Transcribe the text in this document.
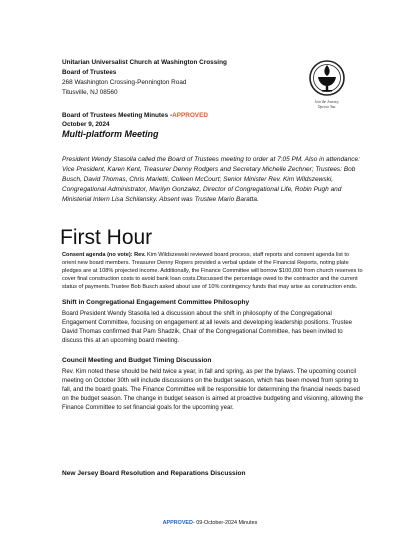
Unitarian Universalist Church at Washington Crossing
Board of Trustees
268 Washington Crossing-Pennington Road
Titusville, NJ 08560
Join the Journey.
Open to You.
Board of Trustees Meeting Minutes -APPROVED
October 9, 2024
Multi-platform Meeting
President Wendy Stasolla called the Board of Trustees meeting to order at 7:05 PM. Also in attendance: Vice President, Karen Kent, Treasurer Denny Rodgers and Secretary Michelle Zechner; Trustees: Bob Busch, David Thomas, Chris Marietti, Colleen McCourt; Senior Minister Rev. Kim Wildszewski, Congregational Administrator, Marilyn Gonzalez, Director of Congregational Life, Robin Pugh and Ministerial Intern Lisa Schilansky. Absent was Trustee Mario Baratta.
First Hour
Consent agenda (no vote): Rev. Kim Wildszewski reviewed board process, staff reports and consent agenda list to orient new board members. Treasurer Denny Ropers provided a verbal update of the Financial Reports, noting plate pledges are at 108% projected income. Additionally, the Finance Committee will borrow $100,000 from church reserves to cover final construction costs to avoid bank loan costs.Discussed the percentage owed to the contractor and the current status of payments.Trustee Bob Busch asked about use of 10% contingency funds that may arise as construction ends.
Shift in Congregational Engagement Committee Philosophy
Board President Wendy Stasolla led a discussion about the shift in philosophy of the Congregational Engagement Committee, focusing on engagement at all levels and developing leadership positions. Trustee David Thomas confirmed that Pam Shadzik, Chair of the Congregational Committee, has been invited to discuss this at an upcoming board meeting.
Council Meeting and Budget Timing Discussion
Rev. Kim noted these should be held twice a year, in fall and spring, as per the bylaws. The upcoming council meeting on October 30th will include discussions on the budget season, which has been moved from spring to fall, and the board goals. The Finance Committee will be responsible for determining the financial needs based on the budget season. The change in budget season is aimed at proactive budgeting and visioning, allowing the Finance Committee to set financial goals for the upcoming year.
New Jersey Board Resolution and Reparations Discussion
APPROVED- 09-October-2024 Minutes
